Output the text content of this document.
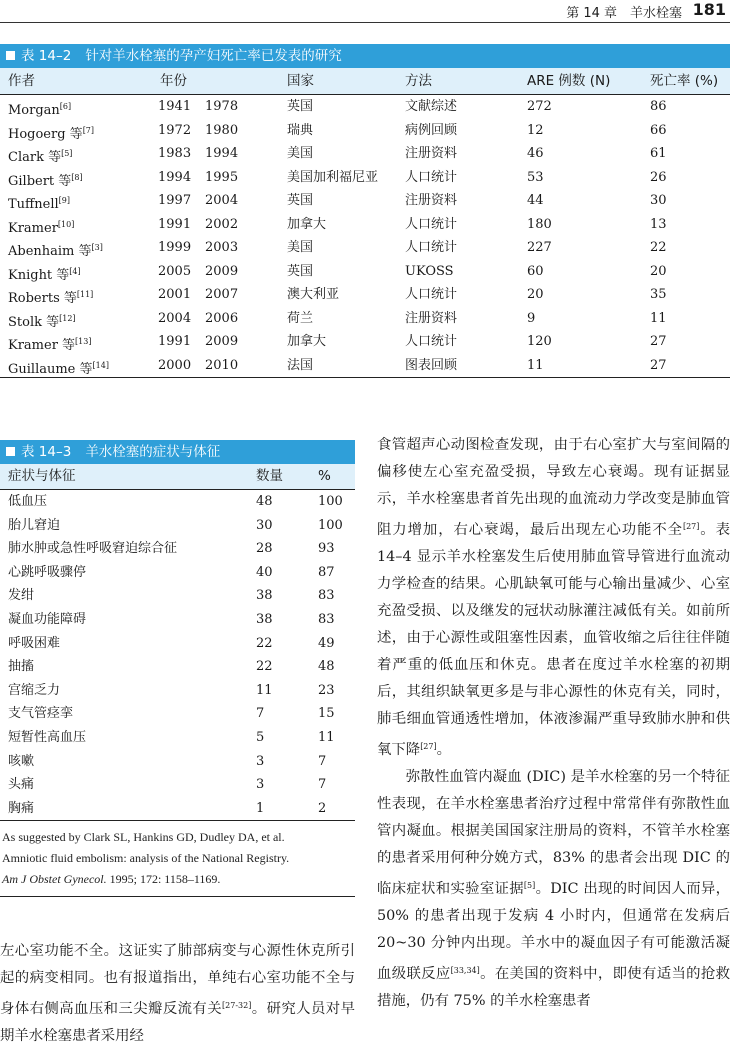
第 14 章　羊水栓塞 181
表 14–2 针对羊水栓塞的孕产妇死亡率已发表的研究
作者	年份	国家	方法	ARE 例数 (N)	死亡率 (%)
Morgan[6]	1941 1978	英国	文献综述	272	86
Hogoerg 等[7]	1972 1980	瑞典	病例回顾	12	66
Clark 等[5]	1983 1994	美国	注册资料	46	61
Gilbert 等[8]	1994 1995	美国加利福尼亚 人口统计	53	26
Tuffnell[9]	1997 2004	英国	注册资料	44	30
Kramer[10]	1991 2002	加拿大	人口统计	180	13
Abenhaim 等[3]	1999 2003	美国	人口统计	227	22
Knight 等[4]	2005 2009	英国	UKOSS	60	20
Roberts 等[11]	2001 2007	澳大利亚	人口统计	20	35
Stolk 等[12]	2004 2006	荷兰	注册资料	9	11
Kramer 等[13]	1991 2009	加拿大	人口统计	120	27
Guillaume 等[14]	2000 2010	法国	图表回顾	11	27
表 14–3 羊水栓塞的症状与体征
症状与体征	数量	%
低血压	48	100
胎儿窘迫	30	100
肺水肿或急性呼吸窘迫综合征	28	93
心跳呼吸骤停	40	87
发绀	38	83
凝血功能障碍	38	83
呼吸困难	22	49
抽搐	22	48
宫缩乏力	11	23
支气管痉挛	7	15
短暂性高血压	5	11
咳嗽	3	7
头痛	3	7
胸痛	1	2
As suggested by Clark SL, Hankins GD, Dudley DA, et al.
Amniotic fluid embolism: analysis of the National Registry.
Am J Obstet Gynecol. 1995; 172: 1158–1169.

食管超声心动图检查发现，由于右心室扩大与室间隔的偏移使左心室充盈受损，导致左心衰竭。现有证据显示，羊水栓塞患者首先出现的血流动力学改变是肺血管阻力增加，右心衰竭，最后出现左心功能不全[27]。表 14–4 显示羊水栓塞发生后使用肺血管导管进行血流动力学检查的结果。心肌缺氧可能与心输出量减少、心室充盈受损、以及继发的冠状动脉灌注减低有关。如前所述，由于心源性或阻塞性因素，血管收缩之后往往伴随着严重的低血压和休克。患者在度过羊水栓塞的初期后，其组织缺氧更多是与非心源性的休克有关，同时，肺毛细血管通透性增加，体液渗漏严重导致肺水肿和供氧下降[27]。

弥散性血管内凝血 (DIC) 是羊水栓塞的另一个特征性表现，在羊水栓塞患者治疗过程中常常伴有弥散性血管内凝血。根据美国国家注册局的资料，不管羊水栓塞的患者采用何种分娩方式，83% 的患者会出现 DIC 的临床症状和实验室证据[5]。DIC 出现的时间因人而异，50% 的患者出现于发病 4 小时内，但通常在发病后 20~30 分钟内出现。羊水中的凝血因子有可能激活凝血级联反应[33,34]。在美国的资料中，即使有适当的抢救措施，仍有 75% 的羊水栓塞患者

左心室功能不全。这证实了肺部病变与心源性休克所引起的病变相同。也有报道指出，单纯右心室功能不全与身体右侧高血压和三尖瓣反流有关[27-32]。研究人员对早期羊水栓塞患者采用经
